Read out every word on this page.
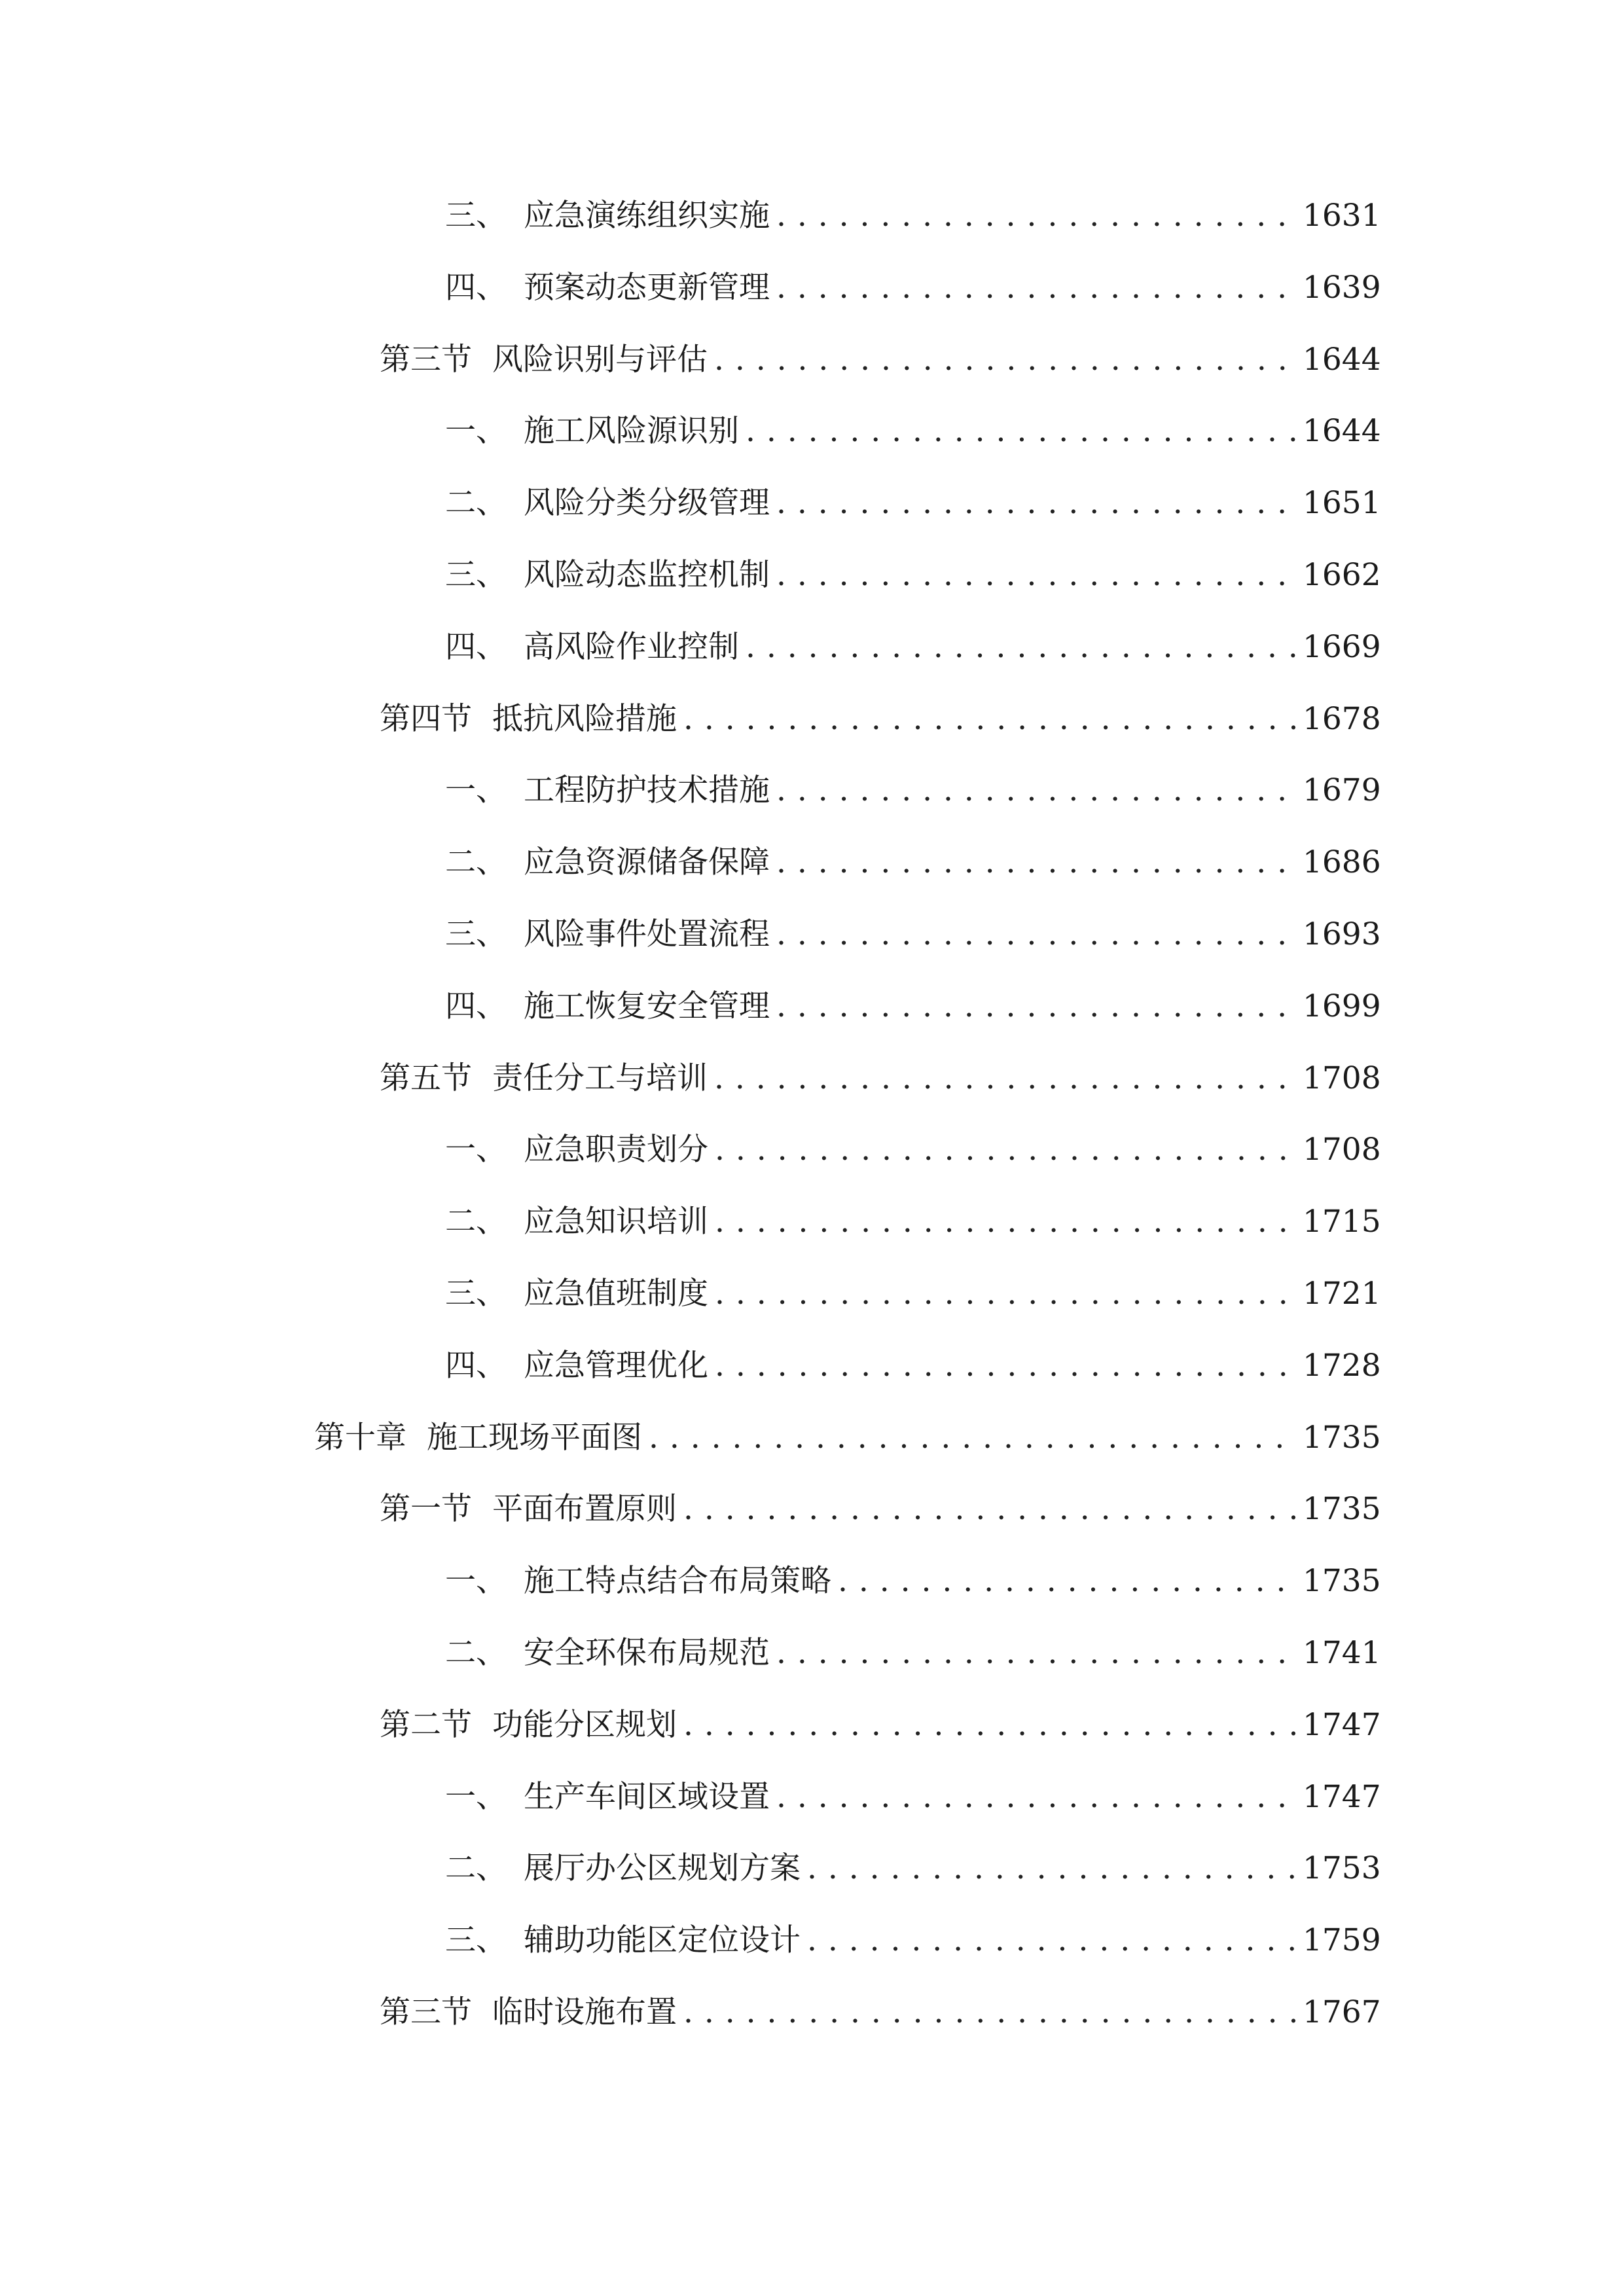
三、 应急演练组织实施 . . .	1631
四、 预案动态更新管理 . . .	1639
第三节 风险识别与评估 . . .	1644
一、 施工风险源识别 . . .	1644
二、 风险分类分级管理 . . .	1651
三、 风险动态监控机制 . . .	1662
四、 高风险作业控制 . . .	1669
第四节 抵抗风险措施 . . .	1678
一、 工程防护技术措施 . . .	1679
二、 应急资源储备保障 . . .	1686
三、 风险事件处置流程 . . .	1693
四、 施工恢复安全管理 . . .	1699
第五节 责任分工与培训 . . .	1708
一、 应急职责划分 . . .	1708
二、 应急知识培训 . . .	1715
三、 应急值班制度 . . .	1721
四、 应急管理优化 . . .	1728
第十章 施工现场平面图 . . .	1735
第一节 平面布置原则 . . .	1735
一、 施工特点结合布局策略 . . .	1735
二、 安全环保布局规范 . . .	1741
第二节 功能分区规划 . . .	1747
一、 生产车间区域设置 . . .	1747
二、 展厅办公区规划方案 . . .	1753
三、 辅助功能区定位设计 . . .	1759
第三节 临时设施布置 . . .	1767
